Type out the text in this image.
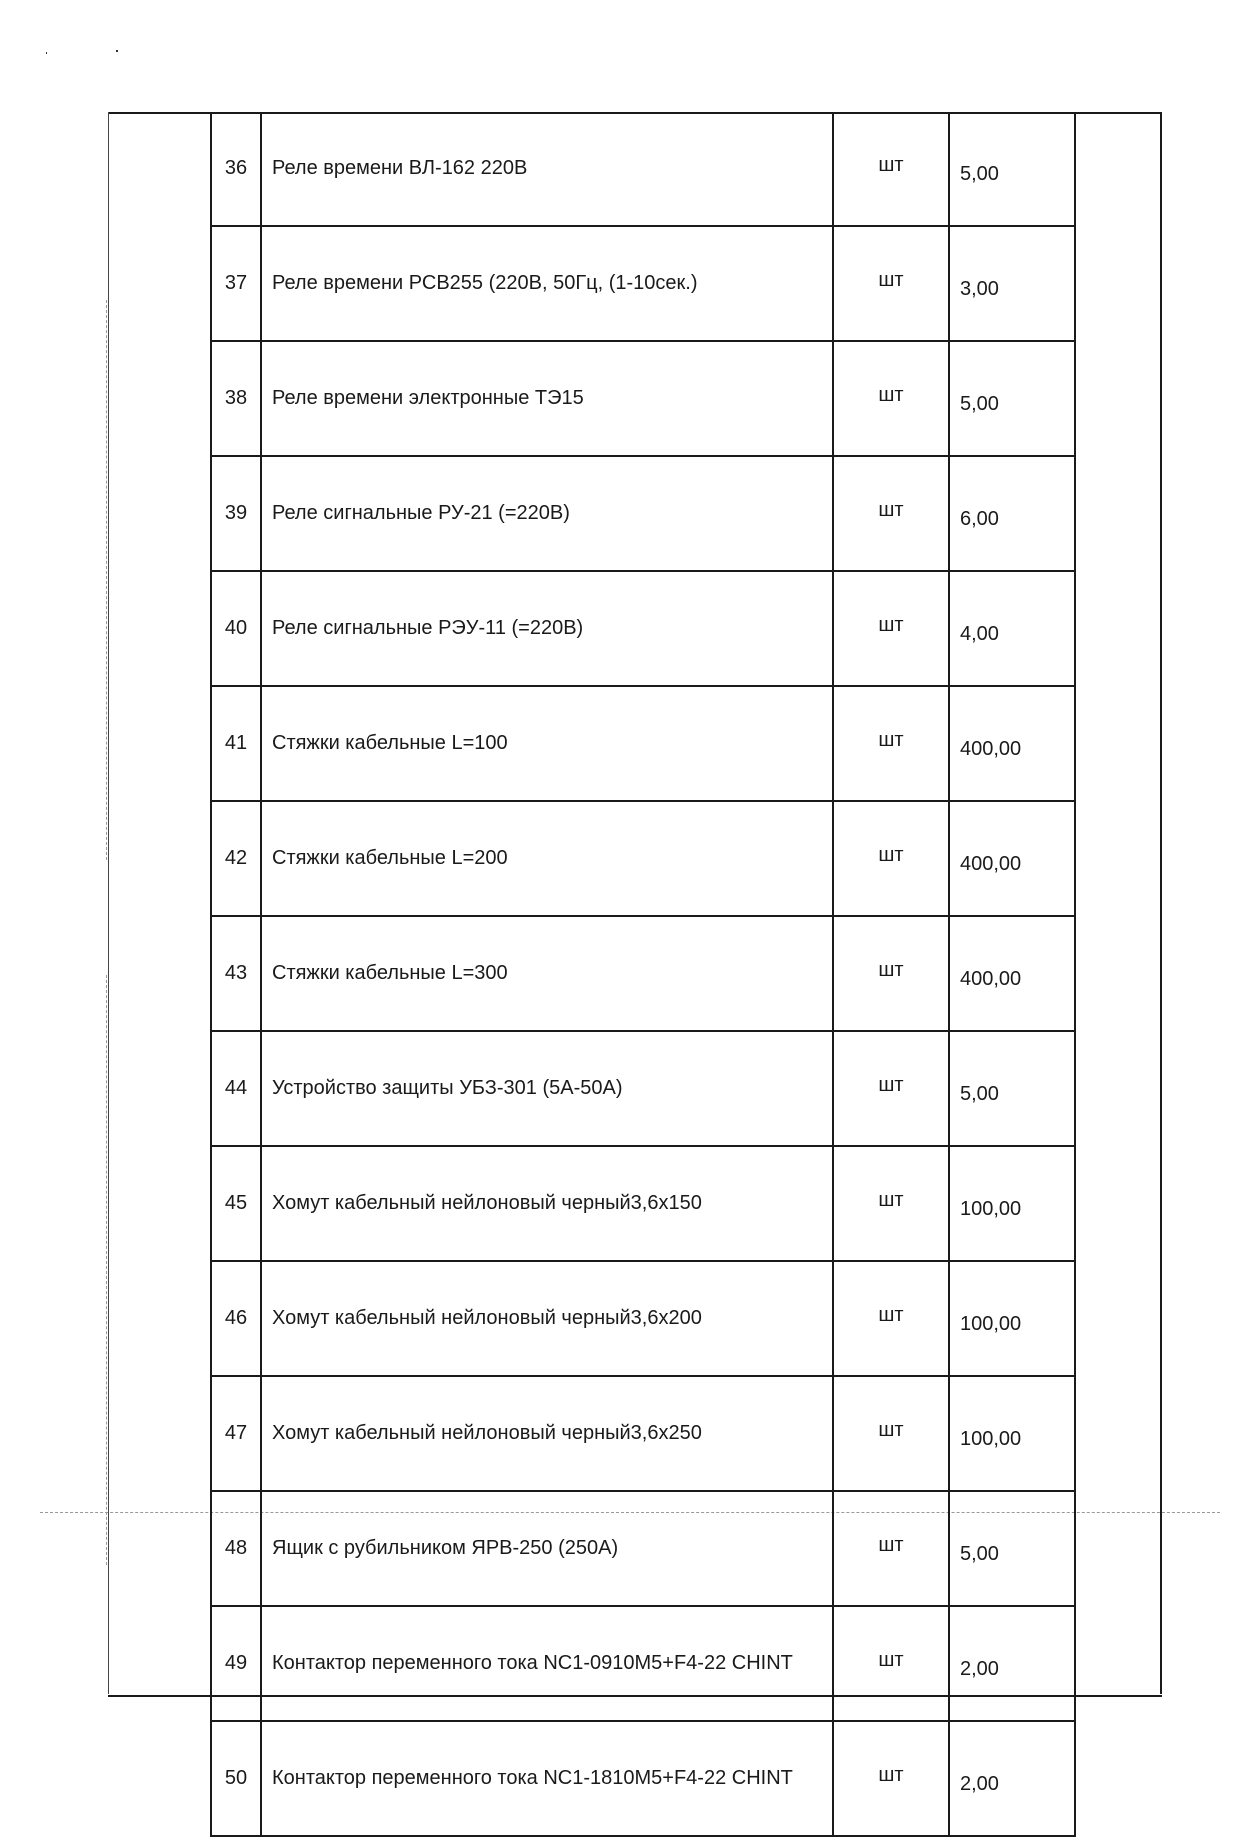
36	Реле времени ВЛ-162 220В	шт	5,00
37	Реле времени РСВ255 (220В, 50Гц, (1-10сек.)	шт	3,00
38	Реле времени электронные ТЭ15	шт	5,00
39	Реле сигнальные РУ-21 (=220В)	шт	6,00
40	Реле сигнальные РЭУ-11 (=220В)	шт	4,00
41	Стяжки кабельные L=100	шт	400,00
42	Стяжки кабельные L=200	шт	400,00
43	Стяжки кабельные L=300	шт	400,00
44	Устройство защиты УБЗ-301 (5А-50А)	шт	5,00
45	Хомут кабельный нейлоновый черный3,6х150	шт	100,00
46	Хомут кабельный нейлоновый черный3,6х200	шт	100,00
47	Хомут кабельный нейлоновый черный3,6х250	шт	100,00
48	Ящик с рубильником ЯРВ-250 (250А)	шт	5,00
49	Контактор переменного тока NC1-0910M5+F4-22 CHINT	шт	2,00
50	Контактор переменного тока NC1-1810M5+F4-22 CHINT	шт	2,00
